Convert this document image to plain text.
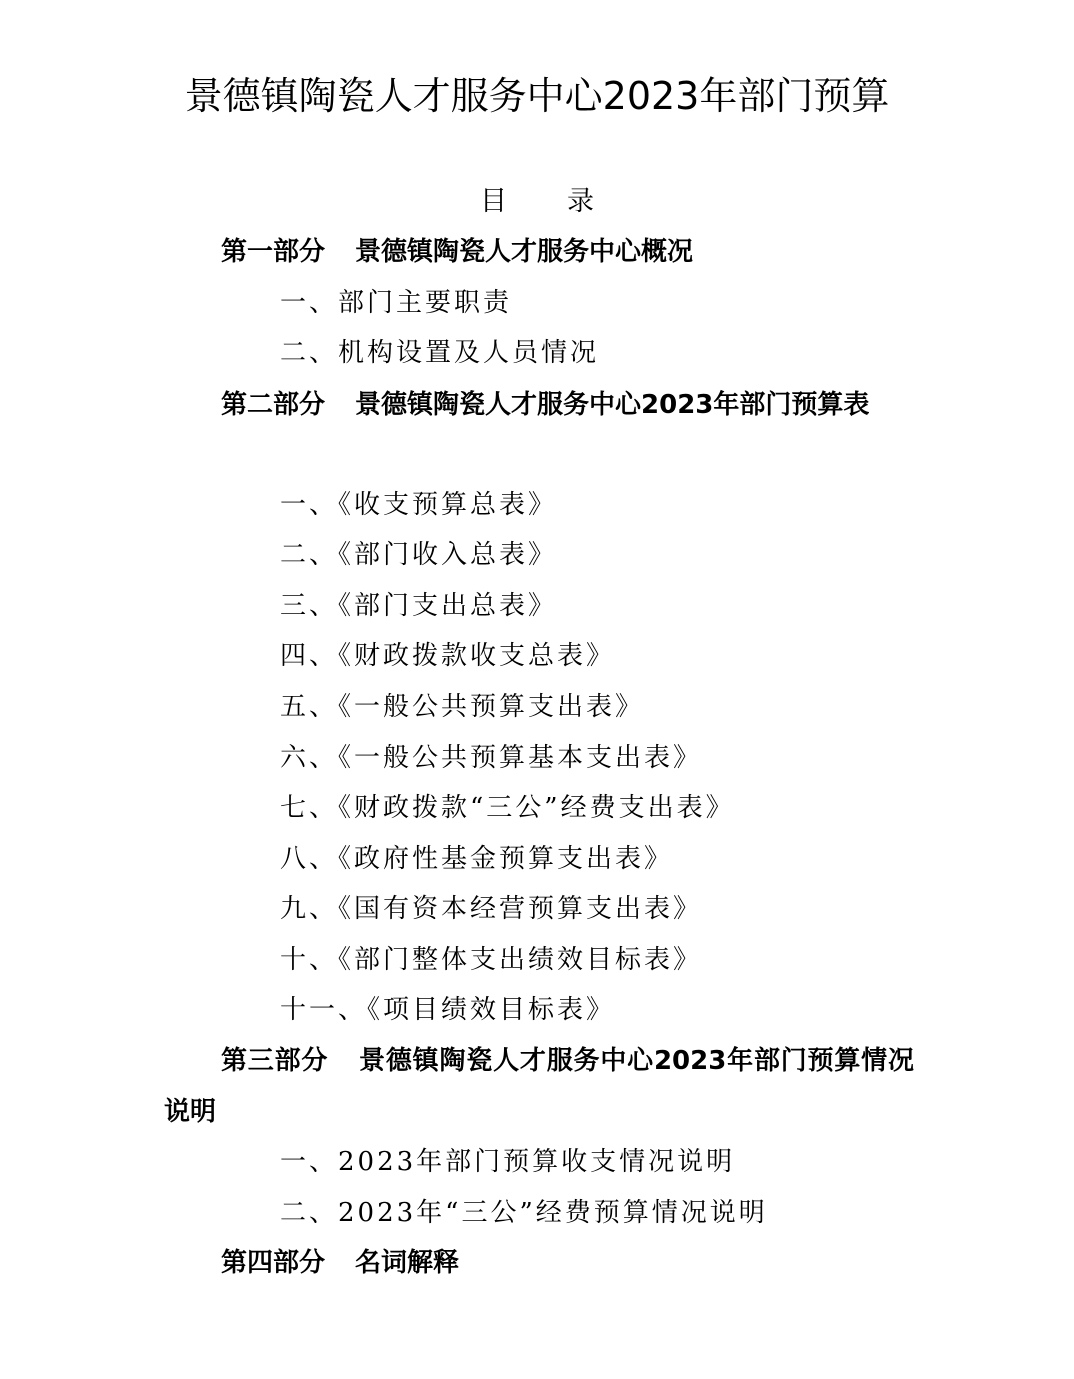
景德镇陶瓷人才服务中心2023年部门预算
目录
第一部分 景德镇陶瓷人才服务中心概况
一、部门主要职责
二、机构设置及人员情况
第二部分 景德镇陶瓷人才服务中心2023年部门预算表
一、《收支预算总表》
二、《部门收入总表》
三、《部门支出总表》
四、《财政拨款收支总表》
五、《一般公共预算支出表》
六、《一般公共预算基本支出表》
七、《财政拨款“三公”经费支出表》
八、《政府性基金预算支出表》
九、《国有资本经营预算支出表》
十、《部门整体支出绩效目标表》
十一、《项目绩效目标表》
第三部分 景德镇陶瓷人才服务中心2023年部门预算情况说明
一、2023年部门预算收支情况说明
二、2023年“三公”经费预算情况说明
第四部分 名词解释
